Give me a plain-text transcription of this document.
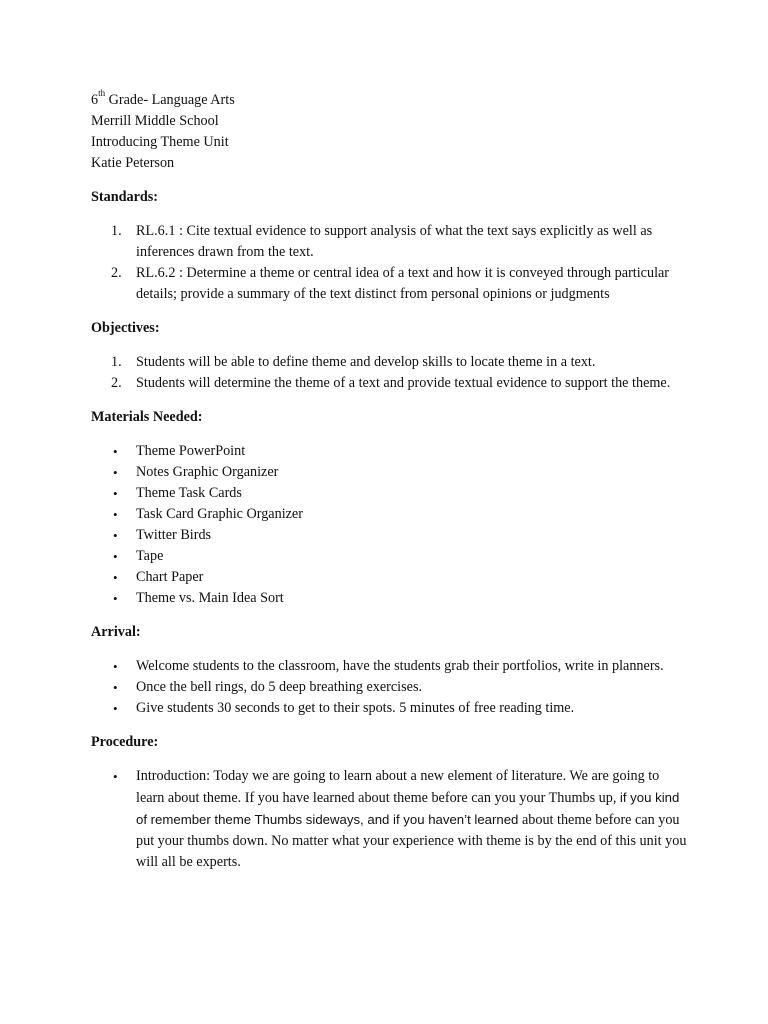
6th Grade- Language Arts
Merrill Middle School
Introducing Theme Unit
Katie Peterson

Standards:

1. RL.6.1 : Cite textual evidence to support analysis of what the text says explicitly as well as inferences drawn from the text.
2. RL.6.2 : Determine a theme or central idea of a text and how it is conveyed through particular details; provide a summary of the text distinct from personal opinions or judgments

Objectives:

1. Students will be able to define theme and develop skills to locate theme in a text.
2. Students will determine the theme of a text and provide textual evidence to support the theme.

Materials Needed:

• Theme PowerPoint
• Notes Graphic Organizer
• Theme Task Cards
• Task Card Graphic Organizer
• Twitter Birds
• Tape
• Chart Paper
• Theme vs. Main Idea Sort

Arrival:

• Welcome students to the classroom, have the students grab their portfolios, write in planners.
• Once the bell rings, do 5 deep breathing exercises.
• Give students 30 seconds to get to their spots. 5 minutes of free reading time.

Procedure:

• Introduction: Today we are going to learn about a new element of literature. We are going to learn about theme. If you have learned about theme before can you your Thumbs up, if you kind of remember theme Thumbs sideways, and if you haven’t learned about theme before can you put your thumbs down. No matter what your experience with theme is by the end of this unit you will all be experts.
